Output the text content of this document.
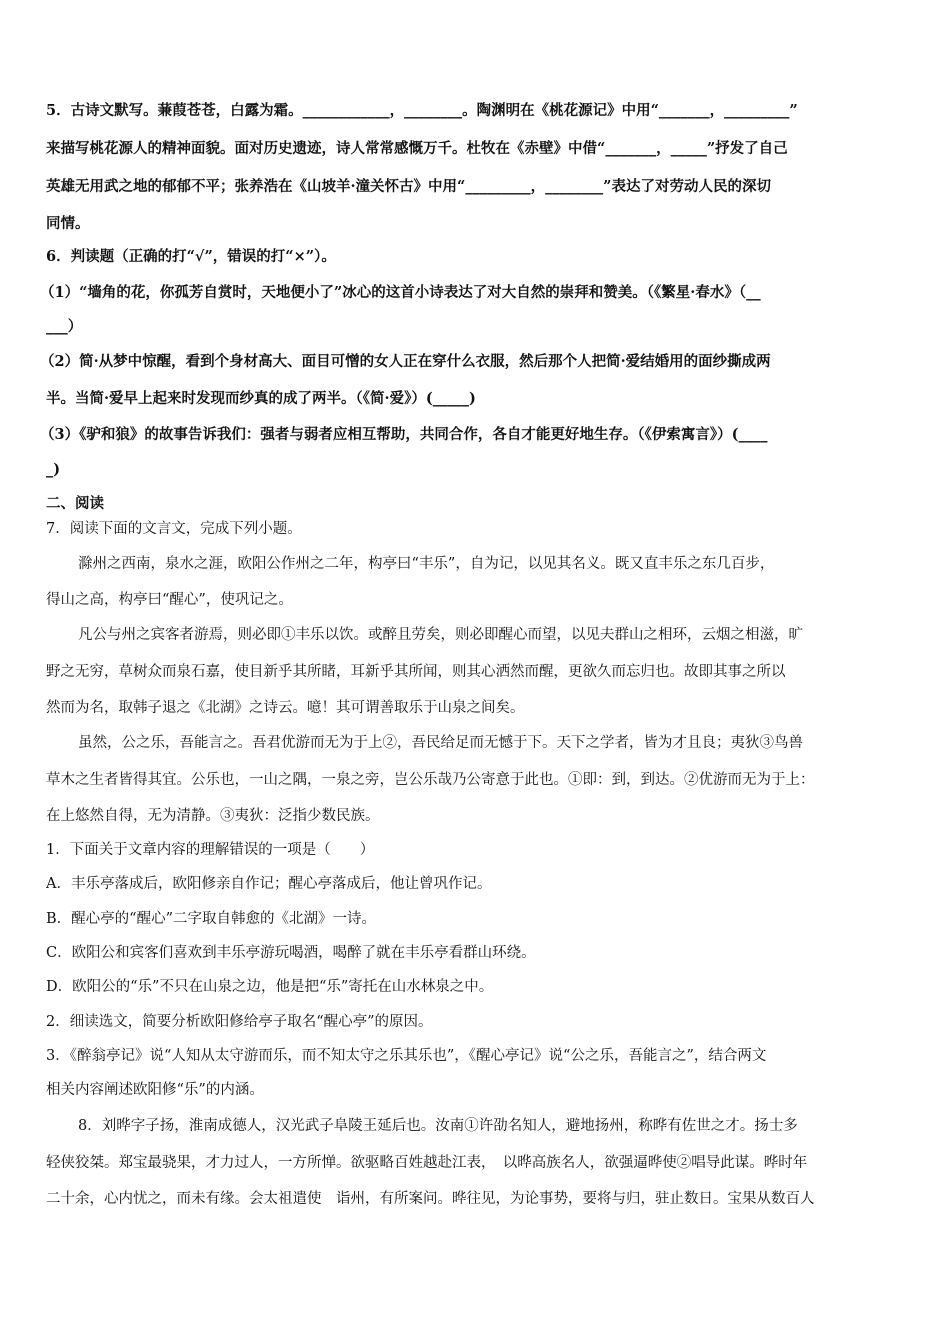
5．古诗文默写。蒹葭苍苍，白露为霜。____________，________。陶渊明在《桃花源记》中用“_______，_________”
来描写桃花源人的精神面貌。面对历史遗迹，诗人常常感慨万千。杜牧在《赤壁》中借“_______，_____”抒发了自己
英雄无用武之地的郁郁不平；张养浩在《山坡羊·潼关怀古》中用“_________，________”表达了对劳动人民的深切
同情。
6．判读题（正确的打“√”，错误的打“×”）。
（1）“墙角的花，你孤芳自赏时，天地便小了”冰心的这首小诗表达了对大自然的崇拜和赞美。（《繁星·春水》（__
___）
（2）简·从梦中惊醒，看到个身材高大、面目可憎的女人正在穿什么衣服，然后那个人把简·爱结婚用的面纱撕成两
半。当简·爱早上起来时发现而纱真的成了两半。（《简·爱》）(_____)
（3）《驴和狼》的故事告诉我们：强者与弱者应相互帮助，共同合作，各自才能更好地生存。（《伊索寓言》）(____
_)
二、阅读
7．阅读下面的文言文，完成下列小题。
滁州之西南，泉水之涯，欧阳公作州之二年，构亭曰“丰乐”，自为记，以见其名义。既又直丰乐之东几百步，
得山之高，构亭曰“醒心”，使巩记之。
凡公与州之宾客者游焉，则必即①丰乐以饮。或醉且劳矣，则必即醒心而望，以见夫群山之相环，云烟之相滋，旷
野之无穷，草树众而泉石嘉，使目新乎其所睹，耳新乎其所闻，则其心洒然而醒，更欲久而忘归也。故即其事之所以
然而为名，取韩子退之《北湖》之诗云。噫！其可谓善取乐于山泉之间矣。
虽然，公之乐，吾能言之。吾君优游而无为于上②，吾民给足而无憾于下。天下之学者，皆为才且良；夷狄③鸟兽
草木之生者皆得其宜。公乐也，一山之隅，一泉之旁，岂公乐哉乃公寄意于此也。①即：到，到达。②优游而无为于上：
在上悠然自得，无为清静。③夷狄：泛指少数民族。
1．下面关于文章内容的理解错误的一项是（　　）
A．丰乐亭落成后，欧阳修亲自作记；醒心亭落成后，他让曾巩作记。
B．醒心亭的“醒心”二字取自韩愈的《北湖》一诗。
C．欧阳公和宾客们喜欢到丰乐亭游玩喝酒，喝醉了就在丰乐亭看群山环绕。
D．欧阳公的“乐”不只在山泉之边，他是把“乐”寄托在山水林泉之中。
2．细读选文，简要分析欧阳修给亭子取名“醒心亭”的原因。
3．《醉翁亭记》说“人知从太守游而乐，而不知太守之乐其乐也”，《醒心亭记》说“公之乐，吾能言之”，结合两文
相关内容阐述欧阳修“乐”的内涵。
8．刘晔字子扬，淮南成德人，汉光武子阜陵王延后也。汝南①许劭名知人，避地扬州，称晔有佐世之才。扬士多
轻侠狡桀。郑宝最骁果，才力过人，一方所惮。欲驱略百姓越赴江表，　以晔高族名人，欲强逼晔使②唱导此谋。晔时年
二十余，心内忧之，而未有缘。会太祖遣使　诣州，有所案问。晔往见，为论事势，要将与归，驻止数日。宝果从数百人
